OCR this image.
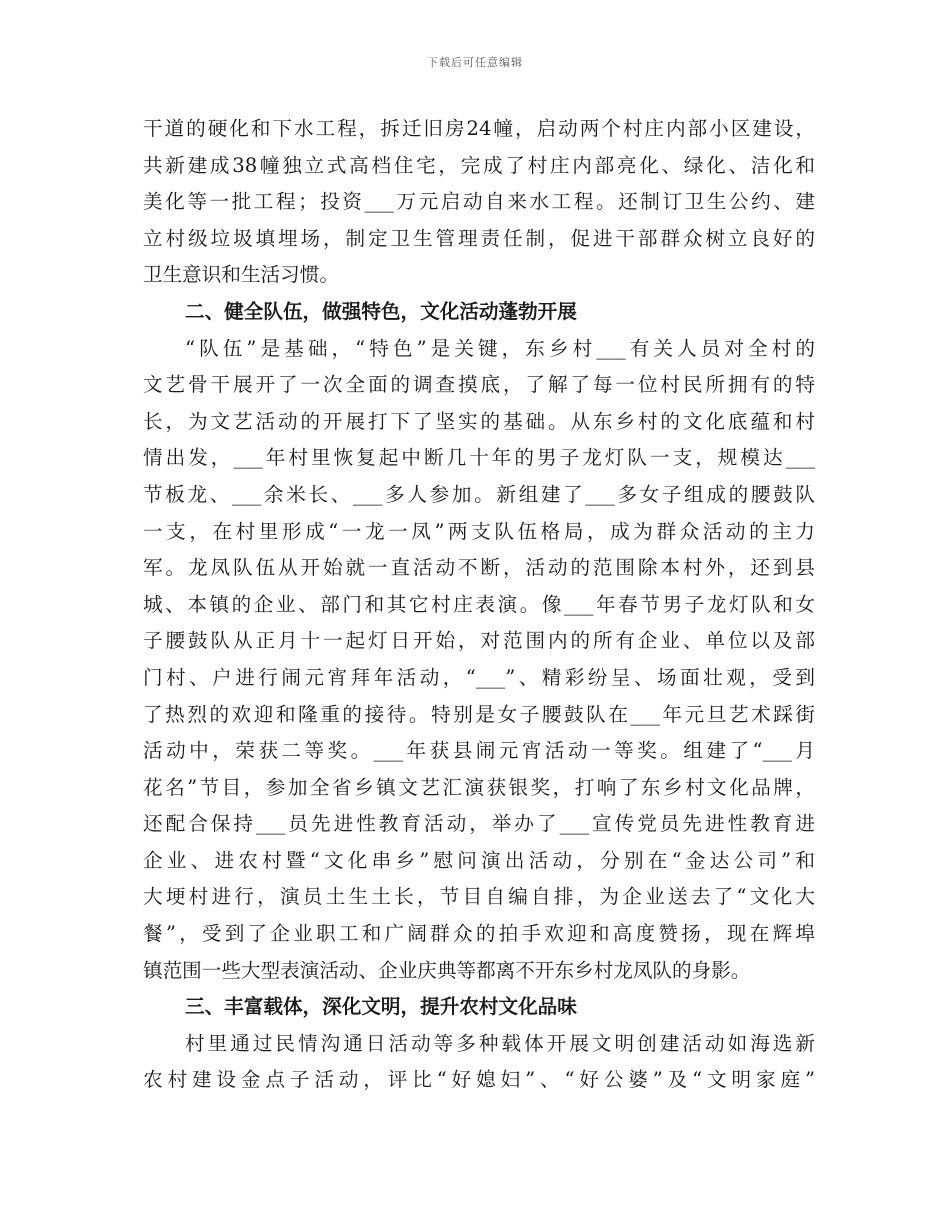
下载后可任意编辑
干道的硬化和下水工程，拆迁旧房24幢，启动两个村庄内部小区建设，
共新建成38幢独立式高档住宅，完成了村庄内部亮化、绿化、洁化和
美化等一批工程；投资___万元启动自来水工程。还制订卫生公约、建
立村级垃圾填埋场，制定卫生管理责任制，促进干部群众树立良好的
卫生意识和生活习惯。
二、健全队伍，做强特色，文化活动蓬勃开展
“队伍”是基础，“特色”是关键，东乡村___有关人员对全村的
文艺骨干展开了一次全面的调查摸底，了解了每一位村民所拥有的特
长，为文艺活动的开展打下了坚实的基础。从东乡村的文化底蕴和村
情出发，___年村里恢复起中断几十年的男子龙灯队一支，规模达___
节板龙、___余米长、___多人参加。新组建了___多女子组成的腰鼓队
一支，在村里形成“一龙一凤”两支队伍格局，成为群众活动的主力
军。龙凤队伍从开始就一直活动不断，活动的范围除本村外，还到县
城、本镇的企业、部门和其它村庄表演。像___年春节男子龙灯队和女
子腰鼓队从正月十一起灯日开始，对范围内的所有企业、单位以及部
门村、户进行闹元宵拜年活动，“___”、精彩纷呈、场面壮观，受到
了热烈的欢迎和隆重的接待。特别是女子腰鼓队在___年元旦艺术踩街
活动中，荣获二等奖。___年获县闹元宵活动一等奖。组建了“___月
花名”节目，参加全省乡镇文艺汇演获银奖，打响了东乡村文化品牌，
还配合保持___员先进性教育活动，举办了___宣传党员先进性教育进
企业、进农村暨“文化串乡”慰问演出活动，分别在“金达公司”和
大埂村进行，演员土生土长，节目自编自排，为企业送去了“文化大
餐”，受到了企业职工和广阔群众的拍手欢迎和高度赞扬，现在辉埠
镇范围一些大型表演活动、企业庆典等都离不开东乡村龙凤队的身影。
三、丰富载体，深化文明，提升农村文化品味
村里通过民情沟通日活动等多种载体开展文明创建活动如海选新
农村建设金点子活动，评比“好媳妇”、“好公婆”及“文明家庭”
